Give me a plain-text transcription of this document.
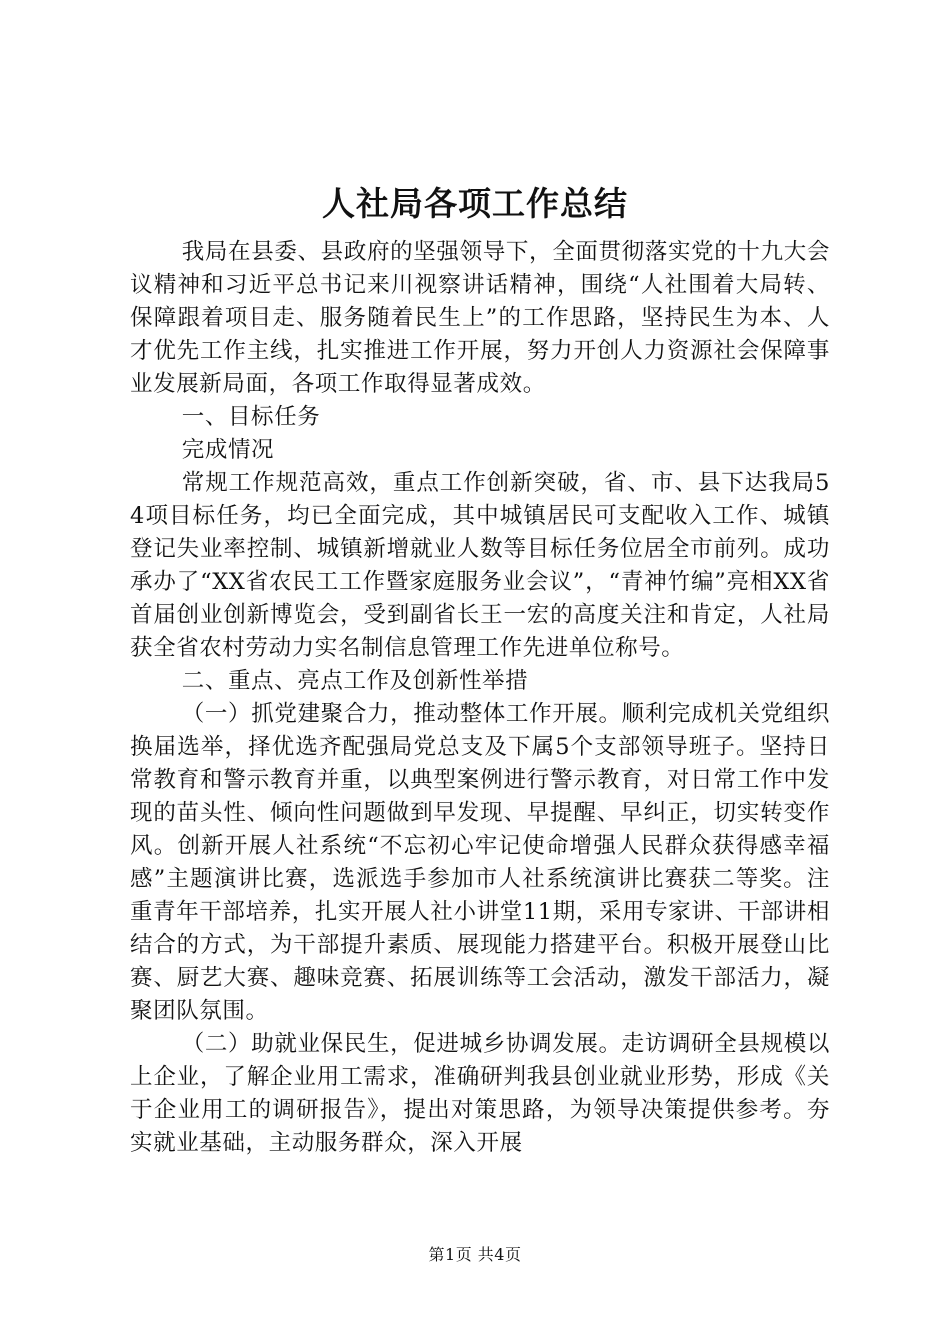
人社局各项工作总结

我局在县委、县政府的坚强领导下，全面贯彻落实党的十九大会议精神和习近平总书记来川视察讲话精神，围绕“人社围着大局转、保障跟着项目走、服务随着民生上”的工作思路，坚持民生为本、人才优先工作主线，扎实推进工作开展，努力开创人力资源社会保障事业发展新局面，各项工作取得显著成效。

一、目标任务

完成情况

常规工作规范高效，重点工作创新突破，省、市、县下达我局54项目标任务，均已全面完成，其中城镇居民可支配收入工作、城镇登记失业率控制、城镇新增就业人数等目标任务位居全市前列。成功承办了“XX省农民工工作暨家庭服务业会议”，“青神竹编”亮相XX省首届创业创新博览会，受到副省长王一宏的高度关注和肯定，人社局获全省农村劳动力实名制信息管理工作先进单位称号。

二、重点、亮点工作及创新性举措

（一）抓党建聚合力，推动整体工作开展。顺利完成机关党组织换届选举，择优选齐配强局党总支及下属5个支部领导班子。坚持日常教育和警示教育并重，以典型案例进行警示教育，对日常工作中发现的苗头性、倾向性问题做到早发现、早提醒、早纠正，切实转变作风。创新开展人社系统“不忘初心牢记使命增强人民群众获得感幸福感”主题演讲比赛，选派选手参加市人社系统演讲比赛获二等奖。注重青年干部培养，扎实开展人社小讲堂11期，采用专家讲、干部讲相结合的方式，为干部提升素质、展现能力搭建平台。积极开展登山比赛、厨艺大赛、趣味竞赛、拓展训练等工会活动，激发干部活力，凝聚团队氛围。

（二）助就业保民生，促进城乡协调发展。走访调研全县规模以上企业，了解企业用工需求，准确研判我县创业就业形势，形成《关于企业用工的调研报告》，提出对策思路，为领导决策提供参考。夯实就业基础，主动服务群众，深入开展

第1页 共4页
